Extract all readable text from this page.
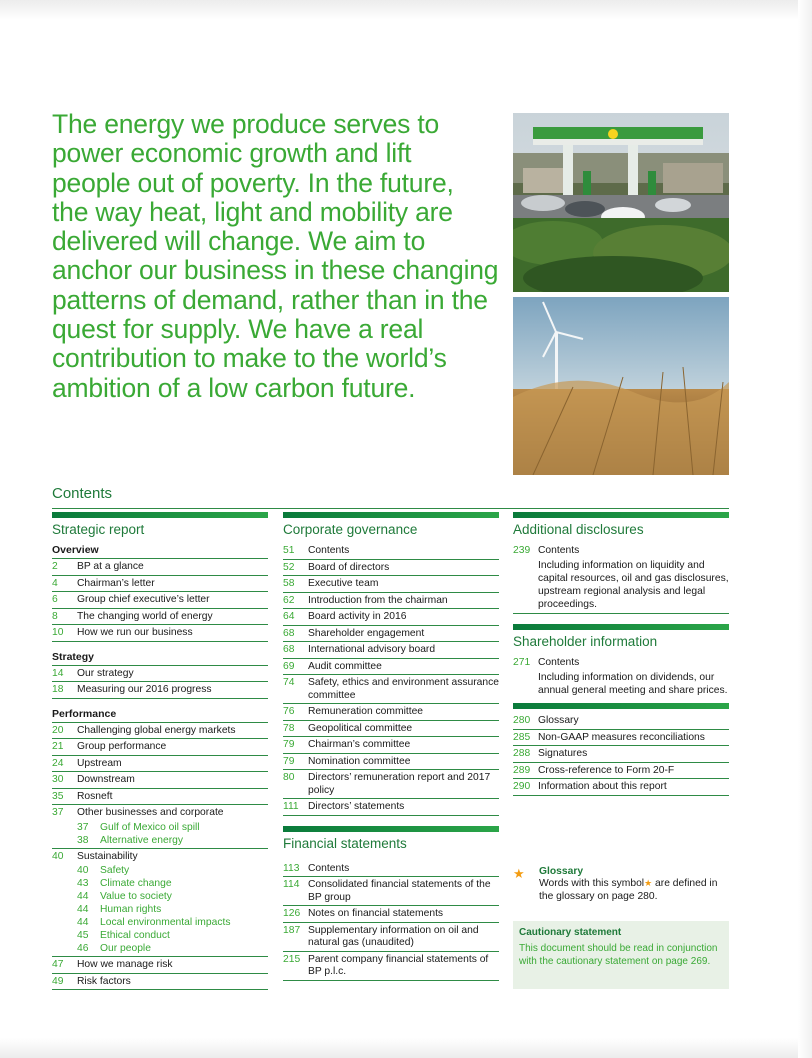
The energy we produce serves to
power economic growth and lift
people out of poverty. In the future,
the way heat, light and mobility are
delivered will change. We aim to
anchor our business in these changing
patterns of demand, rather than in the
quest for supply. We have a real
contribution to make to the world’s
ambition of a low carbon future.
Contents
Strategic report
Overview
2	BP at a glance
4	Chairman’s letter
6	Group chief executive’s letter
8	The changing world of energy
10	How we run our business
Strategy
14	Our strategy
18	Measuring our 2016 progress
Performance
20	Challenging global energy markets
21	Group performance
24	Upstream
30	Downstream
35	Rosneft
37	Other businesses and corporate
37	Gulf of Mexico oil spill
38	Alternative energy
40	Sustainability
40	Safety
43	Climate change
44	Value to society
44	Human rights
44	Local environmental impacts
45	Ethical conduct
46	Our people
47	How we manage risk
49	Risk factors
Corporate governance
51	Contents
52	Board of directors
58	Executive team
62	Introduction from the chairman
64	Board activity in 2016
68	Shareholder engagement
68	International advisory board
69	Audit committee
74	Safety, ethics and environment assurance committee
76	Remuneration committee
78	Geopolitical committee
79	Chairman’s committee
79	Nomination committee
80	Directors’ remuneration report and 2017 policy
111 Directors’ statements
Financial statements
113 Contents
114 Consolidated financial statements of the BP group
126 Notes on financial statements
187 Supplementary information on oil and natural gas (unaudited)
215 Parent company financial statements of BP p.l.c.
Additional disclosures
239 Contents
Including information on liquidity and capital resources, oil and gas disclosures, upstream regional analysis and legal proceedings.
Shareholder information
271 Contents
Including information on dividends, our annual general meeting and share prices.
280 Glossary
285 Non-GAAP measures reconciliations
288 Signatures
289 Cross-reference to Form 20-F
290 Information about this report
★	Glossary
Words with this symbol★ are defined in the glossary on page 280.
Cautionary statement
This document should be read in conjunction with the cautionary statement on page 269.
